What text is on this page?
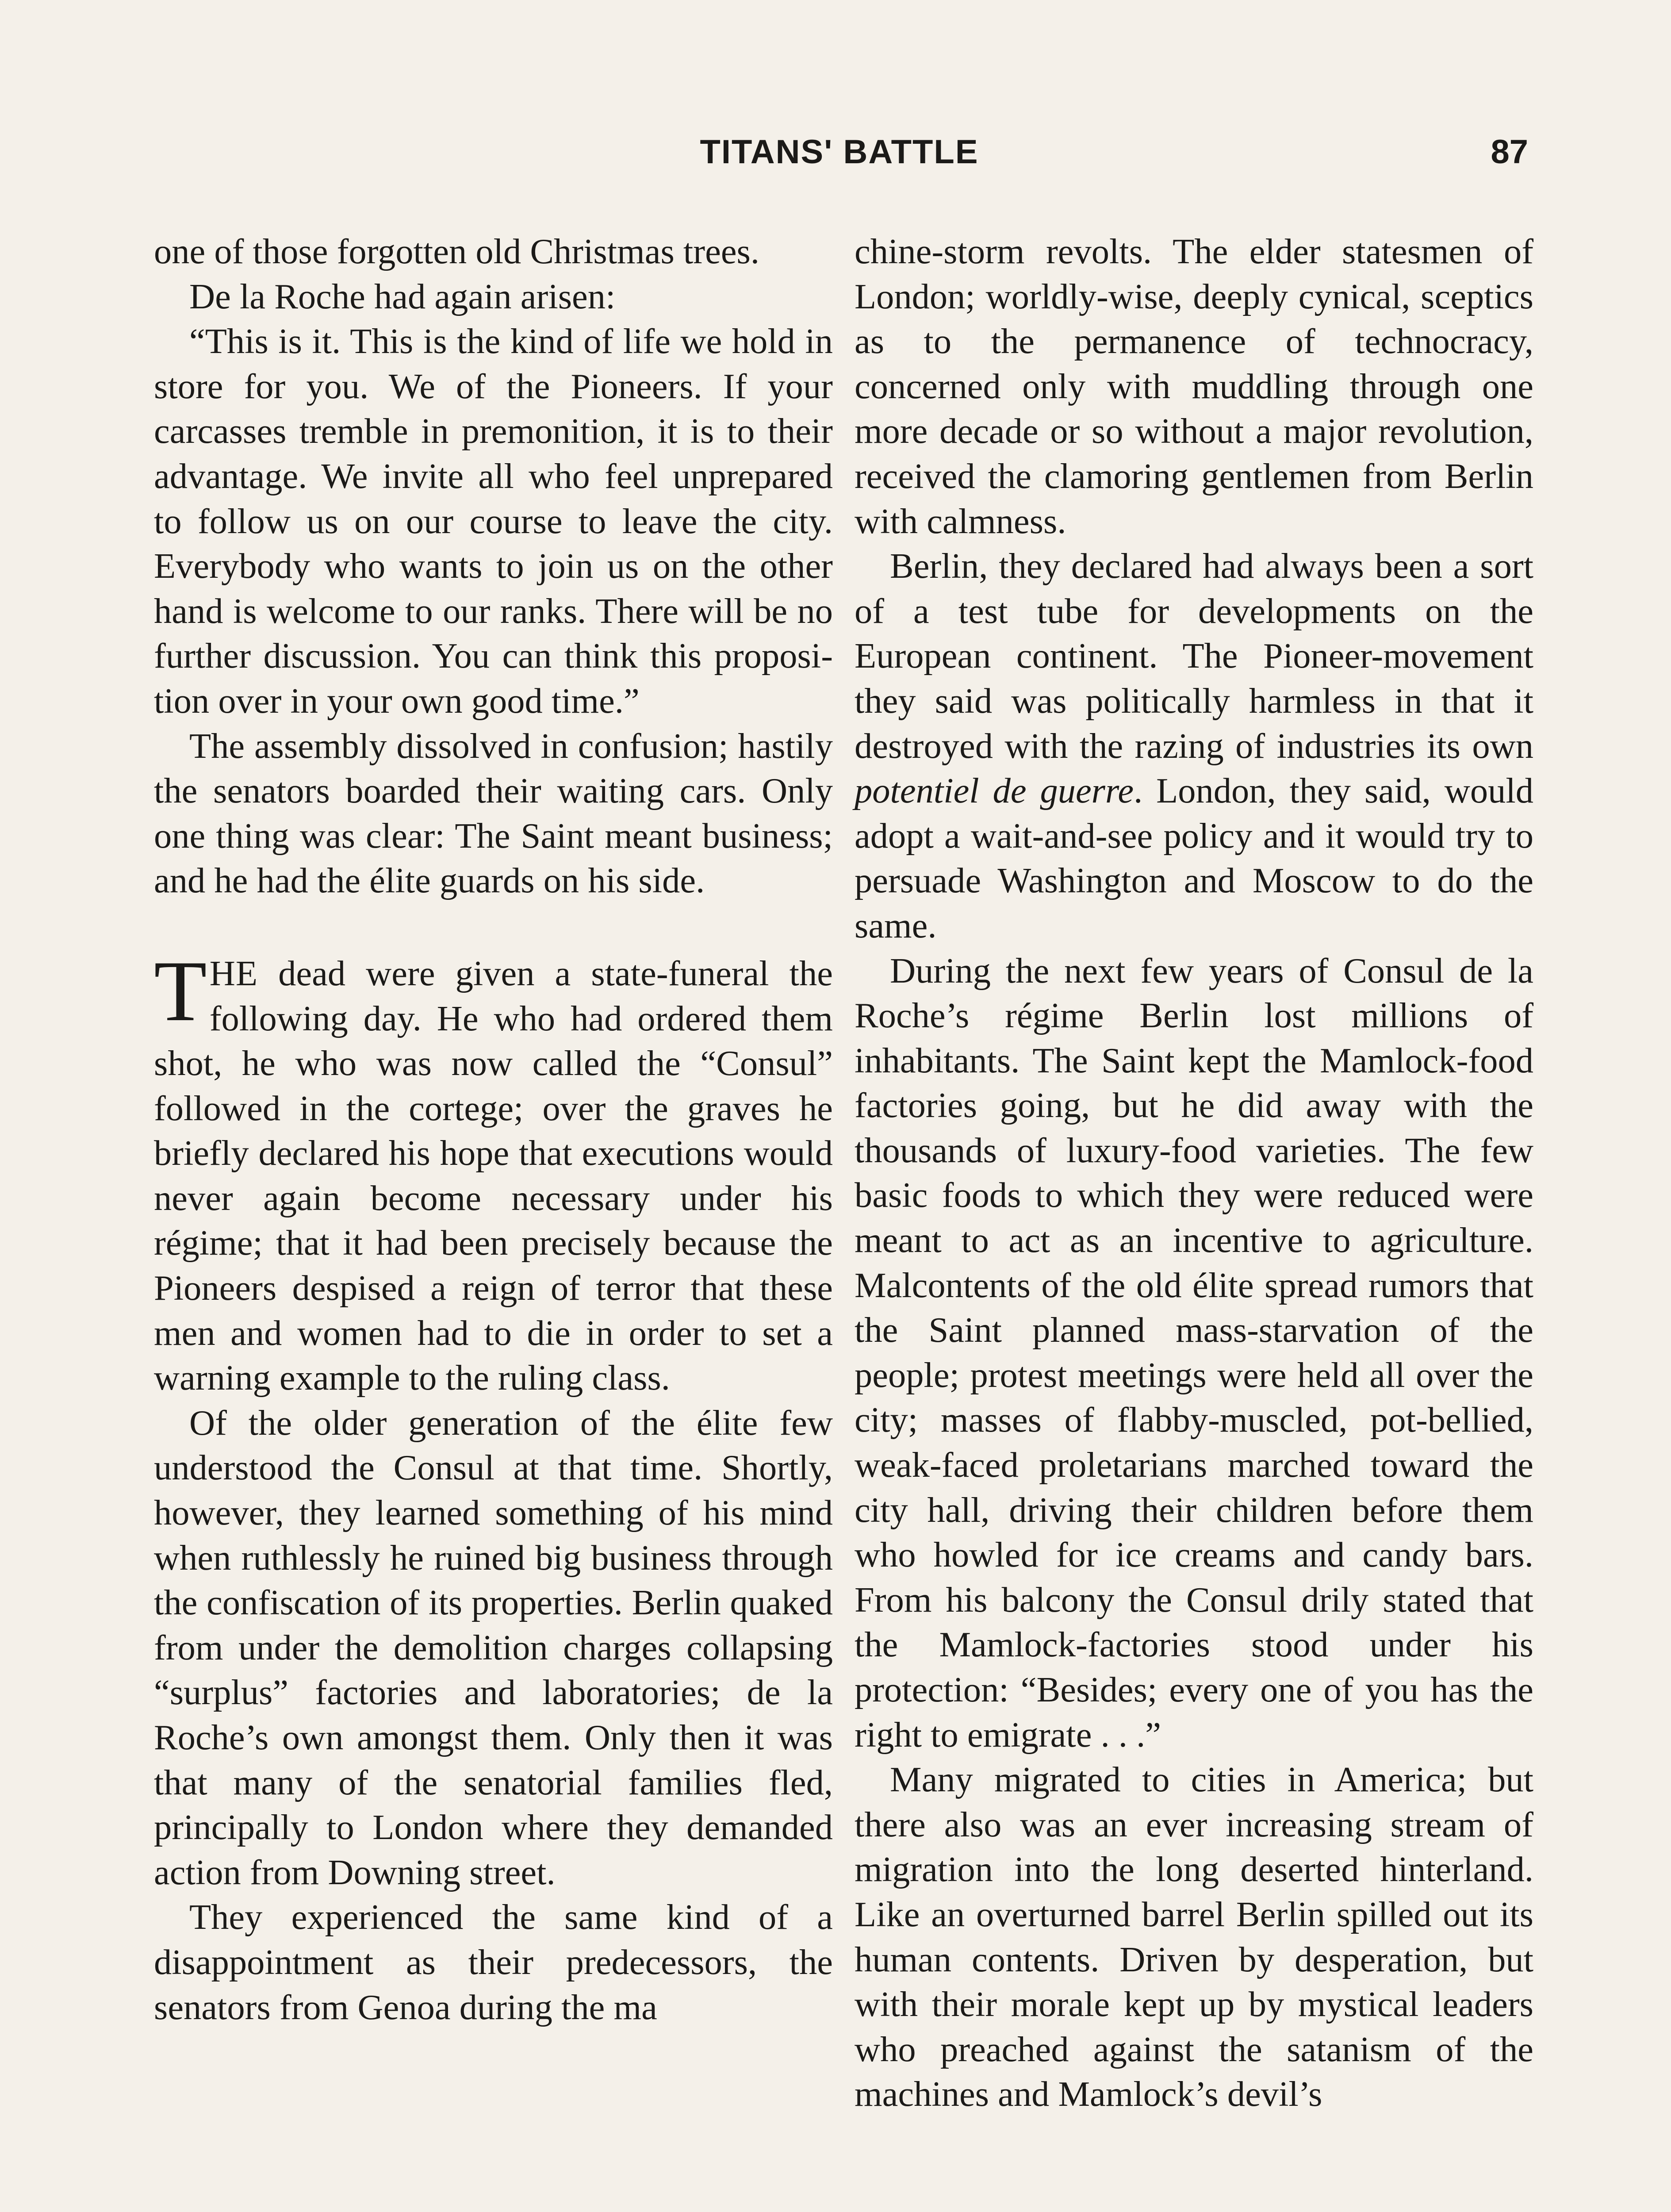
TITANS' BATTLE	87

one of those forgotten old Christmas trees.

De la Roche had again arisen:

“This is it. This is the kind of life we hold in store for you. We of the Pioneers. If your carcasses tremble in premonition, it is to their advantage. We invite all who feel unprepared to follow us on our course to leave the city. Everybody who wants to join us on the other hand is welcome to our ranks. There will be no further discussion. You can think this proposition over in your own good time.”

The assembly dissolved in confusion; hastily the senators boarded their waiting cars. Only one thing was clear: The Saint meant business; and he had the élite guards on his side.

THE dead were given a state-funeral the following day. He who had ordered them shot, he who was now called the “Consul” followed in the cortege; over the graves he briefly declared his hope that executions would never again become necessary under his régime; that it had been precisely because the Pioneers despised a reign of terror that these men and women had to die in order to set a warning example to the ruling class.

Of the older generation of the élite few understood the Consul at that time. Shortly, however, they learned something of his mind when ruthlessly he ruined big business through the confiscation of its properties. Berlin quaked from under the demolition charges collapsing “surplus” factories and laboratories; de la Roche’s own amongst them. Only then it was that many of the senatorial families fled, principally to London where they demanded action from Downing street.

They experienced the same kind of a disappointment as their predecessors, the senators from Genoa during the ma

chine-storm revolts. The elder statesmen of London; worldly-wise, deeply cynical, sceptics as to the permanence of technocracy, concerned only with muddling through one more decade or so without a major revolution, received the clamoring gentlemen from Berlin with calmness.

Berlin, they declared had always been a sort of a test tube for developments on the European continent. The Pioneer-movement they said was politically harmless in that it destroyed with the razing of industries its own potentiel de guerre. London, they said, would adopt a wait-and-see policy and it would try to persuade Washington and Moscow to do the same.

During the next few years of Consul de la Roche’s régime Berlin lost millions of inhabitants. The Saint kept the Mamlock-food factories going, but he did away with the thousands of luxury-food varieties. The few basic foods to which they were reduced were meant to act as an incentive to agriculture. Malcontents of the old élite spread rumors that the Saint planned mass-starvation of the people; protest meetings were held all over the city; masses of flabby-muscled, pot-bellied, weak-faced proletarians marched toward the city hall, driving their children before them who howled for ice creams and candy bars. From his balcony the Consul drily stated that the Mamlock-factories stood under his protection: “Besides; every one of you has the right to emigrate . . .”

Many migrated to cities in America; but there also was an ever increasing stream of migration into the long deserted hinterland. Like an overturned barrel Berlin spilled out its human contents. Driven by desperation, but with their morale kept up by mystical leaders who preached against the satanism of the machines and Mamlock’s devil’s
